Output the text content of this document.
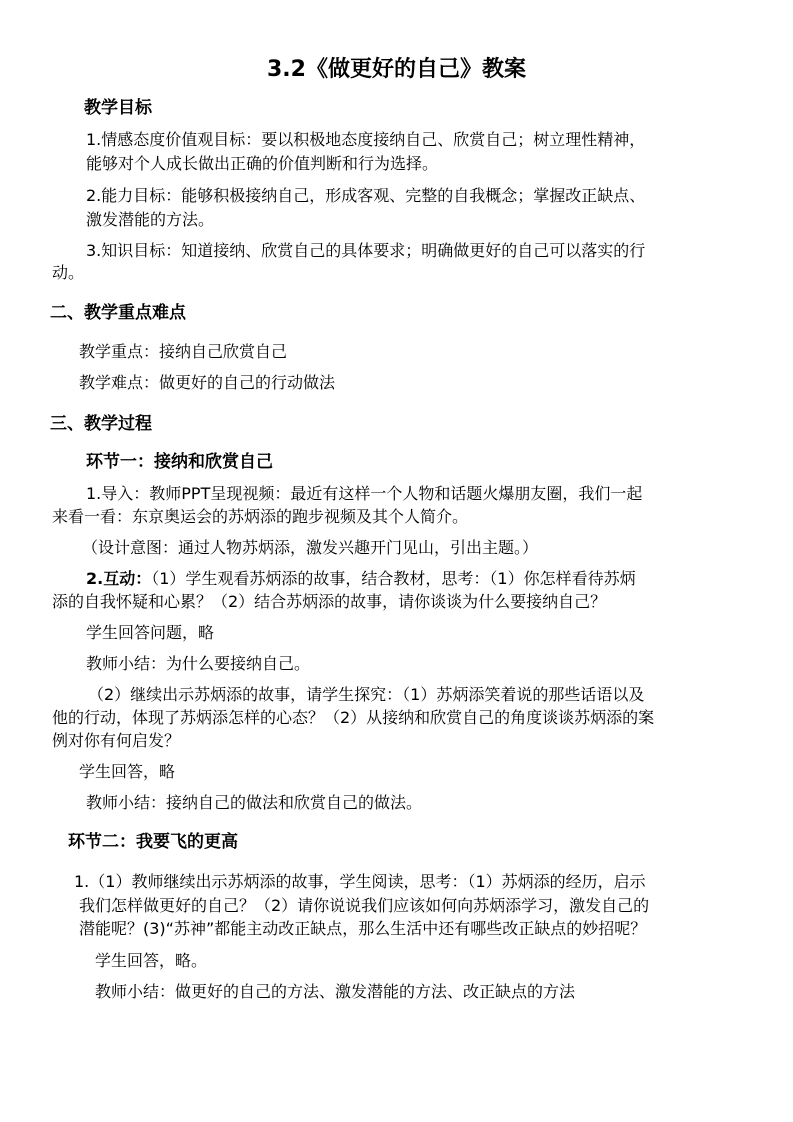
3.2《做更好的自己》教案
教学目标
1.情感态度价值观目标：要以积极地态度接纳自己、欣赏自己；树立理性精神，
能够对个人成长做出正确的价值判断和行为选择。
2.能力目标：能够积极接纳自己，形成客观、完整的自我概念；掌握改正缺点、
激发潜能的方法。
3.知识目标：知道接纳、欣赏自己的具体要求；明确做更好的自己可以落实的行
动。
二、教学重点难点
教学重点：接纳自己欣赏自己
教学难点：做更好的自己的行动做法
三、教学过程
环节一：接纳和欣赏自己
1.导入：教师PPT呈现视频：最近有这样一个人物和话题火爆朋友圈，我们一起
来看一看：东京奥运会的苏炳添的跑步视频及其个人简介。
（设计意图：通过人物苏炳添，激发兴趣开门见山，引出主题。）
2.互动：（1）学生观看苏炳添的故事，结合教材，思考：（1）你怎样看待苏炳
添的自我怀疑和心累？（2）结合苏炳添的故事，请你谈谈为什么要接纳自己？
学生回答问题，略
教师小结：为什么要接纳自己。
（2）继续出示苏炳添的故事，请学生探究：（1）苏炳添笑着说的那些话语以及
他的行动，体现了苏炳添怎样的心态？（2）从接纳和欣赏自己的角度谈谈苏炳添的案
例对你有何启发？
学生回答，略
教师小结：接纳自己的做法和欣赏自己的做法。
环节二：我要飞的更高
1.（1）教师继续出示苏炳添的故事，学生阅读，思考：（1）苏炳添的经历，启示
我们怎样做更好的自己？（2）请你说说我们应该如何向苏炳添学习，激发自己的
潜能呢？(3)“苏神”都能主动改正缺点，那么生活中还有哪些改正缺点的妙招呢？
学生回答，略。
教师小结：做更好的自己的方法、激发潜能的方法、改正缺点的方法
